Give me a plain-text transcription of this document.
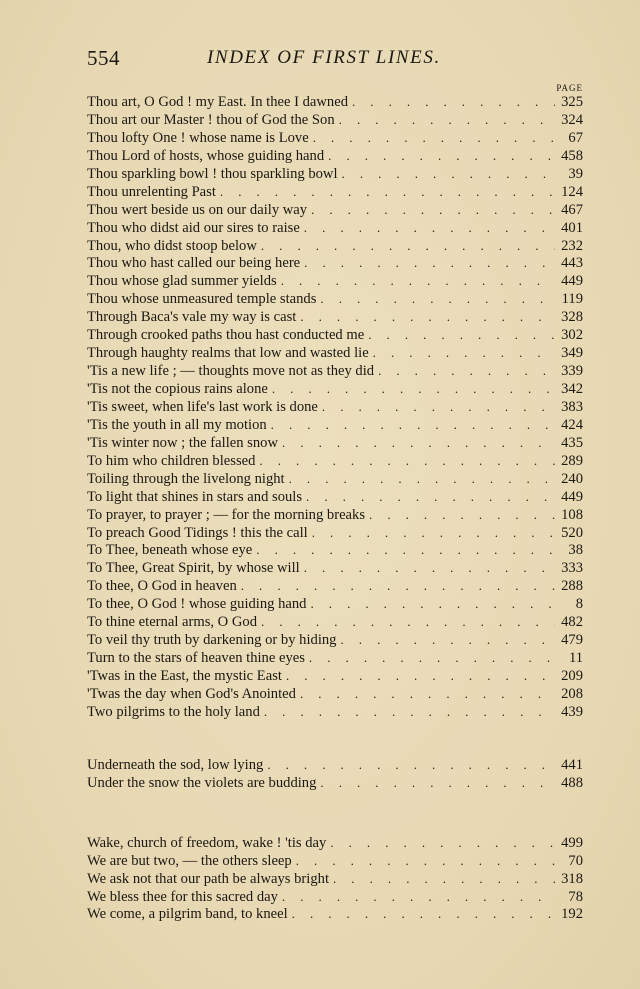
554	INDEX OF FIRST LINES.
PAGE
Thou art, O God ! my East. In thee I dawned . . .	325
Thou art our Master ! thou of God the Son . . .	324
Thou lofty One ! whose name is Love . . .	67
Thou Lord of hosts, whose guiding hand . . .	458
Thou sparkling bowl ! thou sparkling bowl . . .	39
Thou unrelenting Past . . .	124
Thou wert beside us on our daily way . . .	467
Thou who didst aid our sires to raise . . .	401
Thou, who didst stoop below . . .	232
Thou who hast called our being here . . .	443
Thou whose glad summer yields . . .	449
Thou whose unmeasured temple stands . . .	119
Through Baca's vale my way is cast . . .	328
Through crooked paths thou hast conducted me . . .	302
Through haughty realms that low and wasted lie . . .	349
'Tis a new life ; — thoughts move not as they did . . .	339
'Tis not the copious rains alone . . .	342
'Tis sweet, when life's last work is done . . .	383
'Tis the youth in all my motion . . .	424
'Tis winter now ; the fallen snow . . .	435
To him who children blessed . . .	289
Toiling through the livelong night . . .	240
To light that shines in stars and souls . . .	449
To prayer, to prayer ; — for the morning breaks . . .	108
To preach Good Tidings ! this the call . . .	520
To Thee, beneath whose eye . . .	38
To Thee, Great Spirit, by whose will . . .	333
To thee, O God in heaven . . .	288
To thee, O God ! whose guiding hand . . .	8
To thine eternal arms, O God . . .	482
To veil thy truth by darkening or by hiding . . .	479
Turn to the stars of heaven thine eyes . . .	11
'Twas in the East, the mystic East . . .	209
'Twas the day when God's Anointed . . .	208
Two pilgrims to the holy land . . .	439
Underneath the sod, low lying . . .	441
Under the snow the violets are budding . . .	488
Wake, church of freedom, wake ! 'tis day . . .	499
We are but two, — the others sleep . . .	70
We ask not that our path be always bright . . .	318
We bless thee for this sacred day . . .	78
We come, a pilgrim band, to kneel . . .	192
